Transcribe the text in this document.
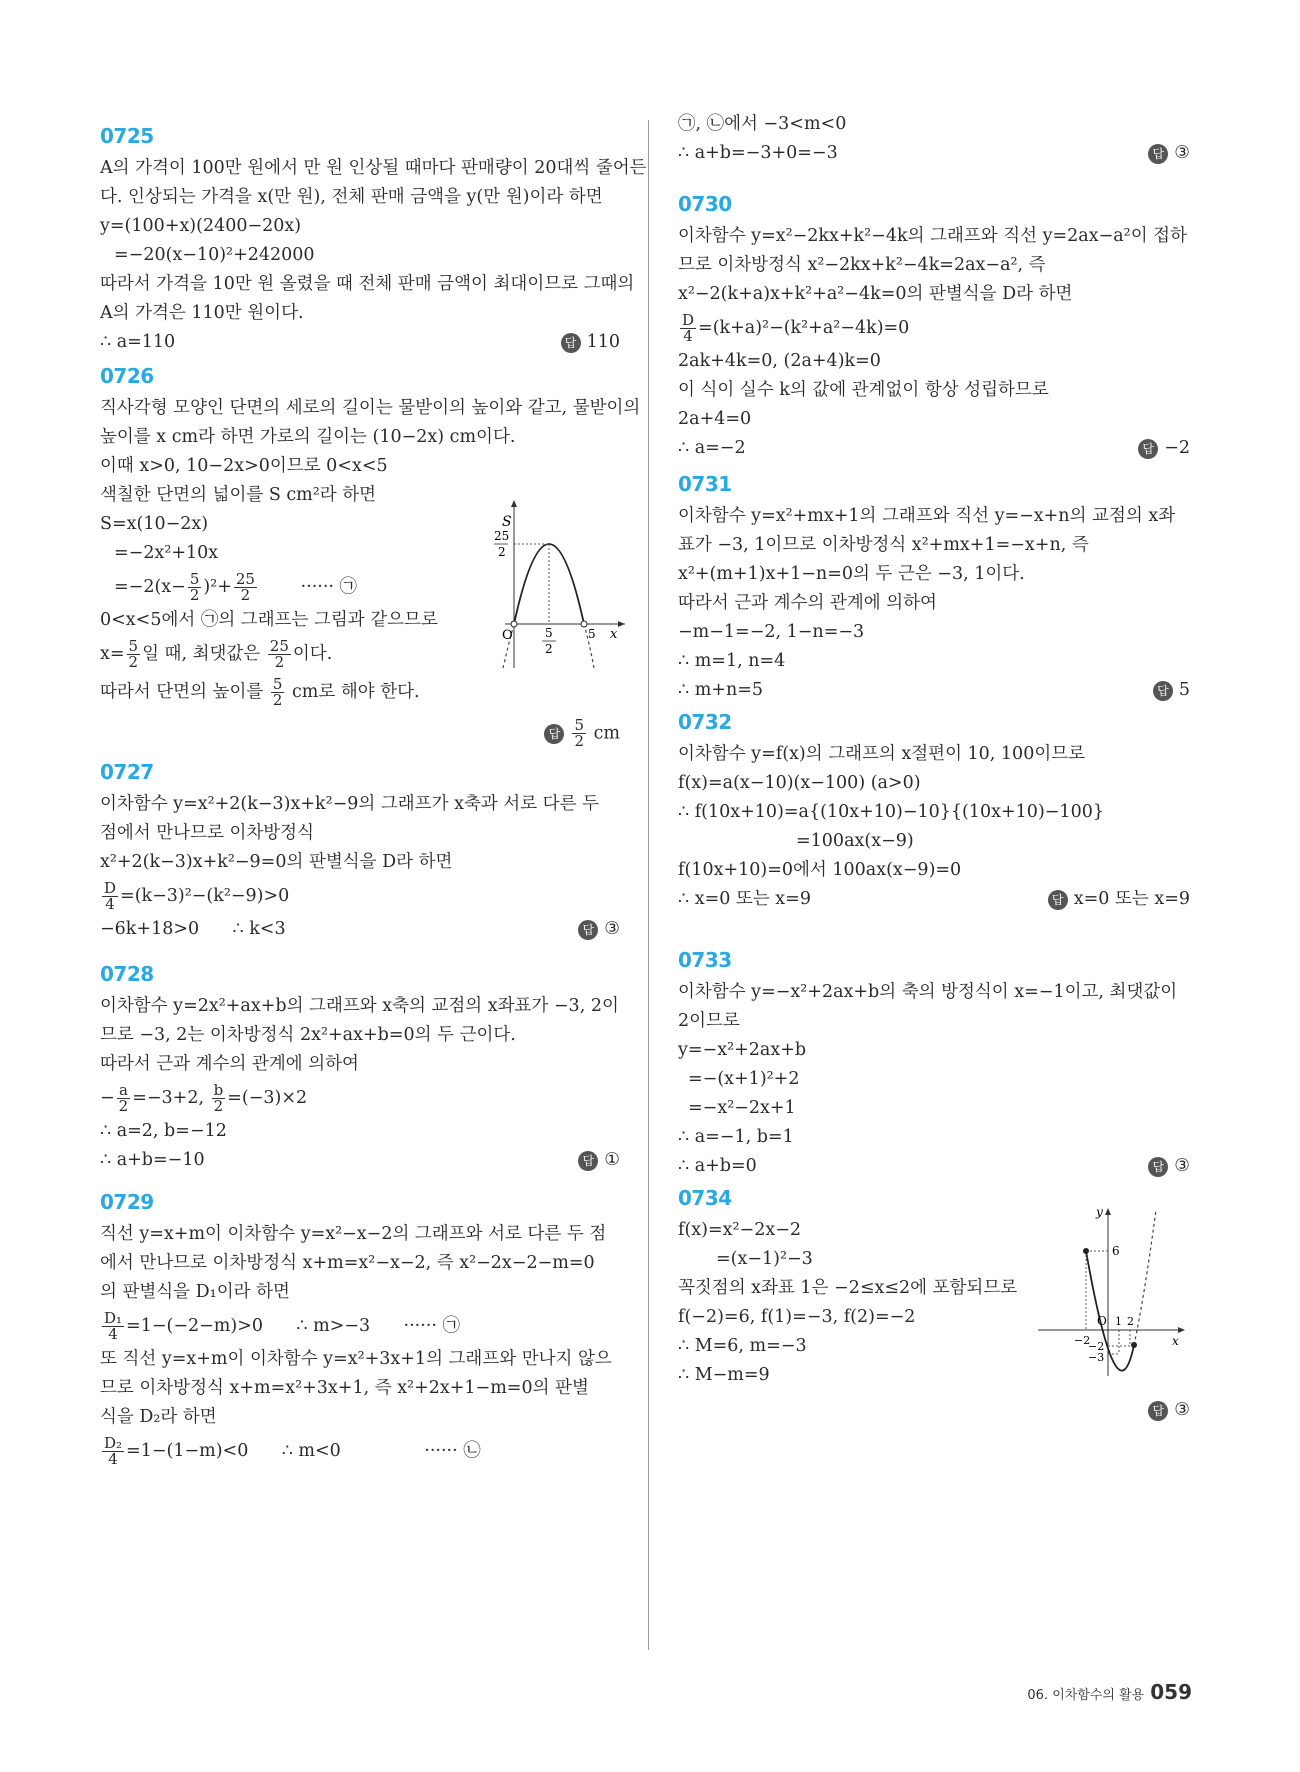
0725
A의 가격이 100만 원에서 만 원 인상될 때마다 판매량이 20대씩 줄어든
다. 인상되는 가격을 x(만 원), 전체 판매 금액을 y(만 원)이라 하면
y=(100+x)(2400−20x)
=−20(x−10)²+242000
따라서 가격을 10만 원 올렸을 때 전체 판매 금액이 최대이므로 그때의
A의 가격은 110만 원이다.
∴ a=110	답 110
0726
직사각형 모양인 단면의 세로의 길이는 물받이의 높이와 같고, 물받이의
높이를 x cm라 하면 가로의 길이는 (10−2x) cm이다.
이때 x>0, 10−2x>0이므로 0<x<5
색칠한 단면의 넓이를 S cm²라 하면
S=x(10−2x)
=−2x²+10x
$=-2(x- \frac{5}{2} )^2+ \frac{25}{2}$ ······ ㉠
0<x<5에서 ㉠의 그래프는 그림과 같으므로
$x= \frac{5}{2}$ 일 때, 최댓값은 $\frac{25}{2}$ 이다.
따라서 단면의 높이를 $\frac{5}{2}$ cm로 해야 한다.
답 $\frac{5}{2}$ cm
S
25
2
O	5
2
5 x
0727
이차함수 y=x²+2(k−3)x+k²−9의 그래프가 x축과 서로 다른 두
점에서 만나므로 이차방정식
x²+2(k−3)x+k²−9=0의 판별식을 D라 하면
$\frac{D}{4} =(k-3)^2-(k^2-9)>0$
−6k+18>0      ∴ k<3	답 ③
0728
이차함수 y=2x²+ax+b의 그래프와 x축의 교점의 x좌표가 −3, 2이
므로 −3, 2는 이차방정식 2x²+ax+b=0의 두 근이다.
따라서 근과 계수의 관계에 의하여
− $\frac{a}{2} =-3+2$, $\frac{b}{2} =(-3)\times 2$
∴ a=2, b=−12
∴ a+b=−10	답 ①
0729
직선 y=x+m이 이차함수 y=x²−x−2의 그래프와 서로 다른 두 점
에서 만나므로 이차방정식 x+m=x²−x−2, 즉 x²−2x−2−m=0
의 판별식을 D₁이라 하면
$\frac{\text{D₁}}{4} =1-(-2-m)>0$      ∴ m>−3      ······ ㉠
또 직선 y=x+m이 이차함수 y=x²+3x+1의 그래프와 만나지 않으
므로 이차방정식 x+m=x²+3x+1, 즉 x²+2x+1−m=0의 판별
식을 D₂라 하면
$\frac{\text{D₂}}{4} =1-(1-m)<0$      ∴ m<0               ······ ㉡
㉠, ㉡에서 −3<m<0
∴ a+b=−3+0=−3	답 ③
0730
이차함수 y=x²−2kx+k²−4k의 그래프와 직선 y=2ax−a²이 접하
므로 이차방정식 x²−2kx+k²−4k=2ax−a², 즉
x²−2(k+a)x+k²+a²−4k=0의 판별식을 D라 하면
$\frac{D}{4} =(k+a)^2-(k^2+a^2-4k)=0$
2ak+4k=0, (2a+4)k=0
이 식이 실수 k의 값에 관계없이 항상 성립하므로
2a+4=0
∴ a=−2	답 −2
0731
이차함수 y=x²+mx+1의 그래프와 직선 y=−x+n의 교점의 x좌
표가 −3, 1이므로 이차방정식 x²+mx+1=−x+n, 즉
x²+(m+1)x+1−n=0의 두 근은 −3, 1이다.
따라서 근과 계수의 관계에 의하여
−m−1=−2, 1−n=−3
∴ m=1, n=4
∴ m+n=5	답 5
0732
이차함수 y=f(x)의 그래프의 x절편이 10, 100이므로
f(x)=a(x−10)(x−100) (a>0)
∴ f(10x+10)=a{(10x+10)−10}{(10x+10)−100}
=100ax(x−9)
f(10x+10)=0에서 100ax(x−9)=0
∴ x=0 또는 x=9	답 x=0 또는 x=9
0733
이차함수 y=−x²+2ax+b의 축의 방정식이 x=−1이고, 최댓값이
2이므로
y=−x²+2ax+b
=−(x+1)²+2
=−x²−2x+1
∴ a=−1, b=1
∴ a+b=0	답 ③
0734
f(x)=x²−2x−2
=(x−1)²−3
꼭짓점의 x좌표 1은 −2≤x≤2에 포함되므로
f(−2)=6, f(1)=−3, f(2)=−2
∴ M=6, m=−3
∴ M−m=9
답 ③
y
x
6
O
−2
1 2
−2
−3
06. 이차함수의 활용 059
